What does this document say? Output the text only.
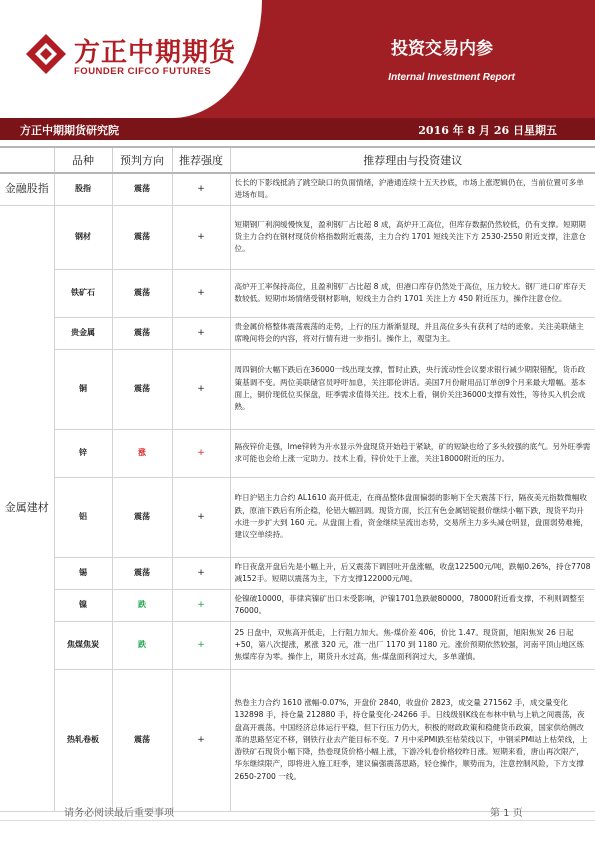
方正中期期货
FOUNDER CIFCO FUTURES
投资交易内参
Internal Investment Report
方正中期期货研究院	2016 年 8 月 26 日星期五
	品种	预判方向	推荐强度	推荐理由与投资建议
金融股指	股指	震荡	+	长长的下影线抵消了跳空缺口的负面情绪，沪港通连续十五天抄底，市场上涨逻辑仍在，当前位置可多单进场布局。
金属建材	钢材	震荡	+	短期钢厂利润缓慢恢复，盈利钢厂占比超 8 成，高炉开工高位，但库存数据仍然较低，仍有支撑。短期期货主力合约在钢材现货价格指数附近震荡，主力合约 1701 短线关注下方 2530-2550 附近支撑，注意仓位。
	铁矿石	震荡	+	高炉开工率保持高位，且盈利钢厂占比超 8 成，但港口库存仍然处于高位，压力较大。钢厂进口矿库存天数较低。短期市场情绪受钢材影响，短线主力合约 1701 关注上方 450 附近压力，操作注意仓位。
	贵金属	震荡	+	贵金属价格整体震荡震荡的走势，上行的压力渐渐显现，并且高位多头有获利了结的迹象。关注美联储主席晚间将会的内容，将对行情有进一步指引。操作上，观望为主。
	铜	震荡	+	周四铜价大幅下跌后在36000一线出现支撑，暂时止跌，央行流动性会议要求银行减少期限错配，货币政策基调不变。两位美联储官员呼吁加息，关注耶伦讲话。美国7月份耐用品订单创9个月来最大增幅。基本面上，铜价现低位买保盘，旺季需求值得关注。技术上看，铜价关注36000支撑有效性，等待买入机会成熟。
	锌	涨	+	隔夜锌价走强，lme锌转为升水显示外盘现货开始趋于紧缺，矿的短缺也给了多头较强的底气。另外旺季需求可能也会给上涨一定助力。技术上看，锌价处于上涨，关注18000附近的压力。
	铝	震荡	+	昨日沪铝主力合约 AL1610 高开低走，在商品整体盘面偏弱的影响下全天震荡下行，隔夜美元指数微幅收跌，原油下跌后有所企稳，伦铝大幅回调。现货方面，长江有色金属铝锭报价继续小幅下跌，现货平均升水进一步扩大到 160 元。从盘面上看，资金继续呈流出态势，交易所主力多头减仓明显，盘面弱势难掩，建议空单续持。
	锡	震荡	+	昨日夜盘开盘后先是小幅上升，后又震荡下调回吐开盘涨幅，收盘122500元/吨，跌幅0.26%，持仓7708减152手。短期以震荡为主，下方支撑122000元/吨。
	镍	跌	+	伦镍破10000，菲律宾镍矿出口未受影响，沪镍1701急跌破80000，78000附近看支撑，不利则调整至76000。
	焦煤焦炭	跌	+	25 日盘中，双焦高开低走，上行阻力加大。焦-煤价差 406，价比 1.47。现货面，旭阳焦炭 26 日起+50，第八次提涨，累涨 320 元，准一出厂 1170 到 1180 元。涨价预期依然较强，河南平顶山地区炼焦煤库存为零。操作上，期货升水过高，焦-煤盘面利润过大，多单谨慎。
	热轧卷板	震荡	+	热卷主力合约 1610 涨幅-0.07%，开盘价 2840，收盘价 2823，成交量 271562 手，成交量变化 132898 手，持仓量 212880 手，持仓量变化-24266 手。日线级别K线在布林中轨与上轨之间震荡，夜盘高开震荡。中国经济总体运行平稳，但下行压力仍大，积极的财政政策和稳健货币政策，国家供给侧改革的思路坚定不移，钢铁行业去产能目标不变。7 月中采PMI跌至枯荣线以下，中钢采PMI站上枯荣线，上游铁矿石现货小幅下降，热卷现货价格小幅上涨，下游冷轧卷价格较昨日涨。短期来看，唐山再次限产，华东继续限产，即将进入施工旺季，建议偏强震荡思路，轻仓操作，顺势而为，注意控制风险，下方支撑 2650-2700 一线。
请务必阅读最后重要事项	第 1 页
